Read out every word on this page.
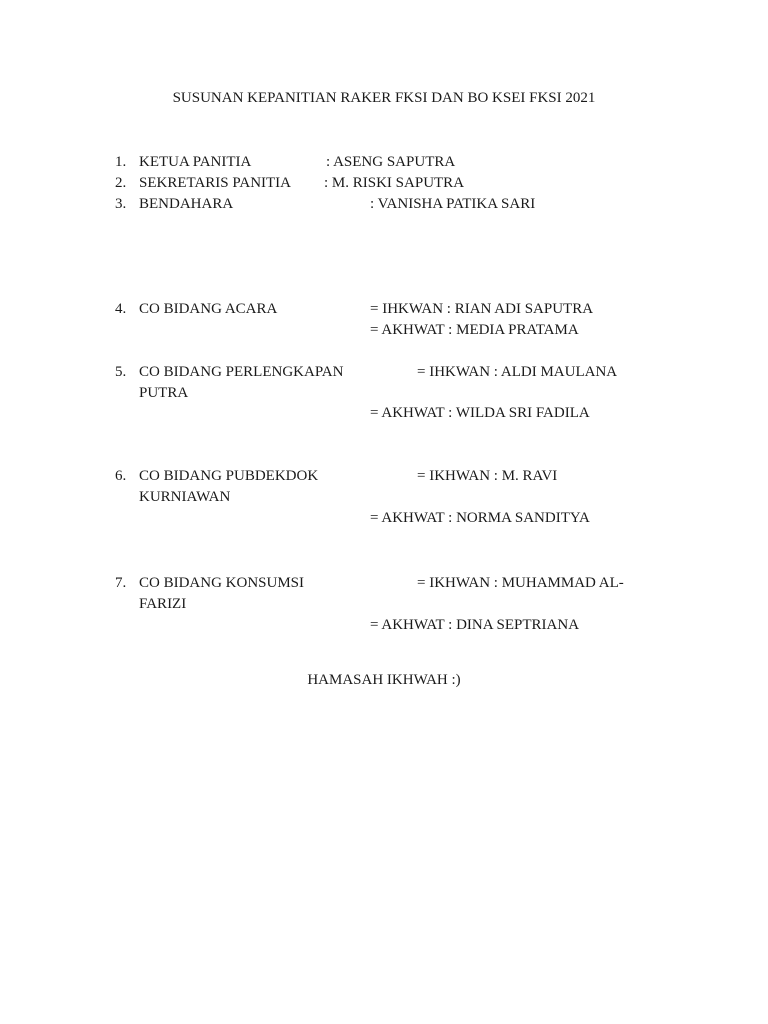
SUSUNAN KEPANITIAN RAKER FKSI DAN BO KSEI FKSI 2021
1. KETUA PANITIA	: ASENG SAPUTRA
2. SEKRETARIS PANITIA : M. RISKI SAPUTRA
3. BENDAHARA	: VANISHA PATIKA SARI
4. CO BIDANG ACARA	= IHKWAN : RIAN ADI SAPUTRA
= AKHWAT : MEDIA PRATAMA
5. CO BIDANG PERLENGKAPAN	= IHKWAN : ALDI MAULANA
PUTRA
= AKHWAT : WILDA SRI FADILA
6. CO BIDANG PUBDEKDOK	= IKHWAN : M. RAVI
KURNIAWAN
= AKHWAT : NORMA SANDITYA
7. CO BIDANG KONSUMSI	= IKHWAN : MUHAMMAD AL-
FARIZI
= AKHWAT : DINA SEPTRIANA
HAMASAH IKHWAH :)
